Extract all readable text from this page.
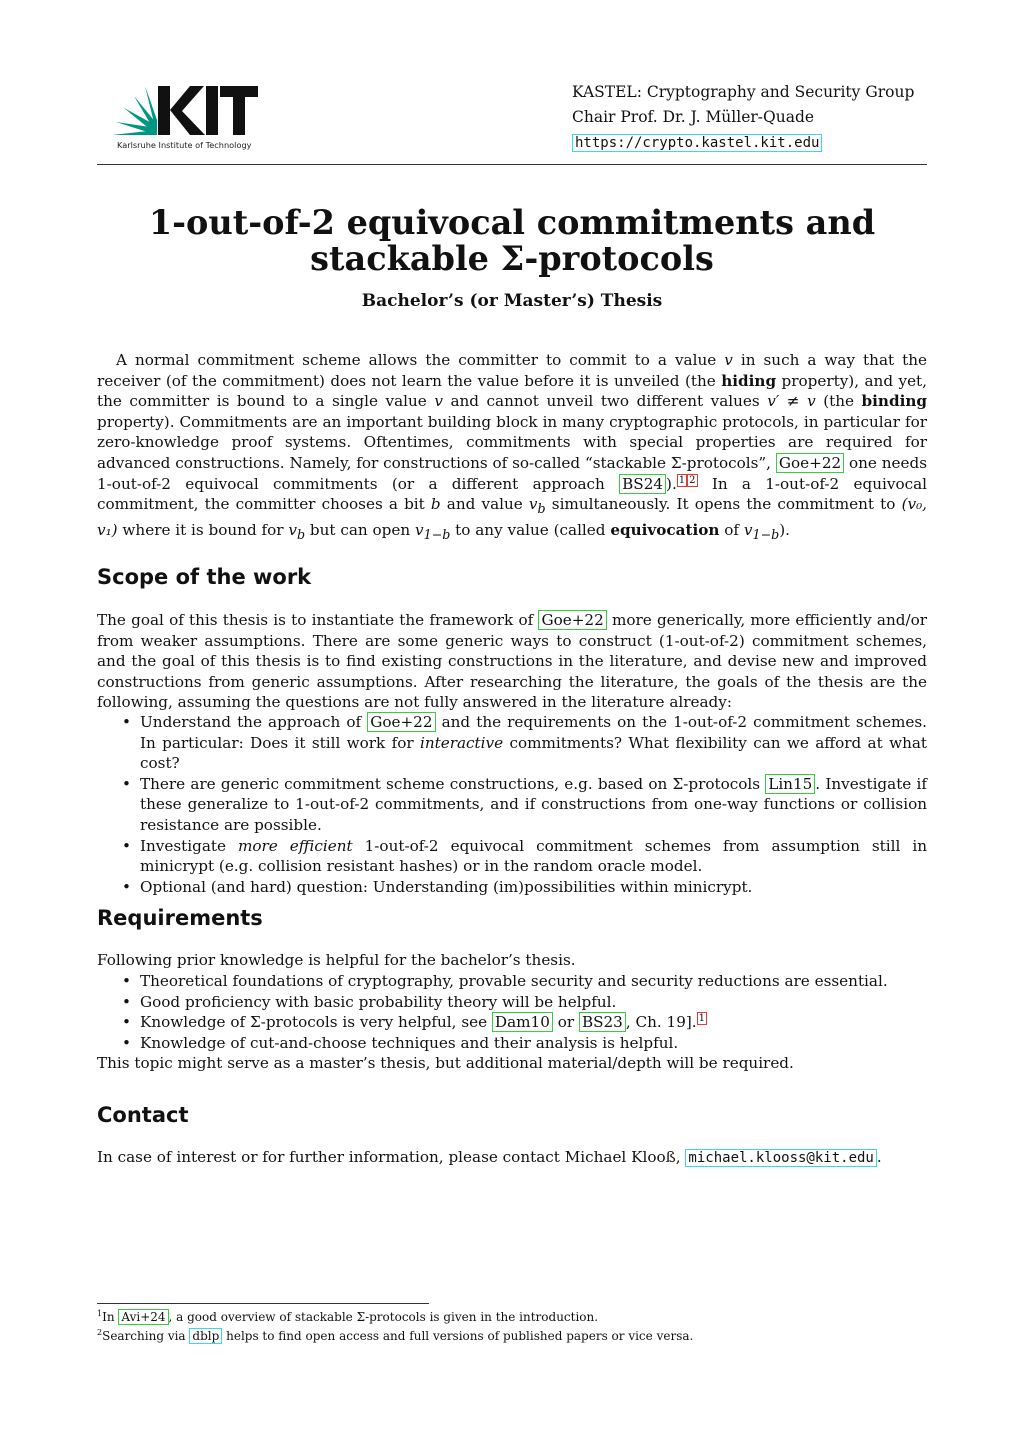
Karlsruhe Institute of Technology
KASTEL: Cryptography and Security Group
Chair Prof. Dr. J. Müller-Quade
https://crypto.kastel.kit.edu
1-out-of-2 equivocal commitments and
stackable Σ-protocols
Bachelor’s (or Master’s) Thesis
A normal commitment scheme allows the committer to commit to a value v in such a way that the receiver (of the commitment) does not learn the value before it is unveiled (the hiding property), and yet, the committer is bound to a single value v and cannot unveil two different values v′ ≠ v (the binding property). Commitments are an important building block in many cryptographic protocols, in particular for zero-knowledge proof systems. Oftentimes, commitments with special properties are required for advanced constructions. Namely, for constructions of so-called “stackable Σ-protocols”, Goe+22 one needs 1-out-of-2 equivocal commitments (or a different approach BS24 ). $^1$ $^2$ In a 1-out-of-2 equivocal commitment, the committer chooses a bit b and value $v_b$ simultaneously. It opens the commitment to (v₀, v₁) where it is bound for $v_b$ but can open $v_{1-b}$ to any value (called equivocation of $v_{1-b}$).
Scope of the work
The goal of this thesis is to instantiate the framework of Goe+22 more generically, more efficiently and/or from weaker assumptions. There are some generic ways to construct (1-out-of-2) commitment schemes, and the goal of this thesis is to find existing constructions in the literature, and devise new and improved constructions from generic assumptions. After researching the literature, the goals of the thesis are the following, assuming the questions are not fully answered in the literature already:
• Understand the approach of Goe+22 and the requirements on the 1-out-of-2 commitment schemes. In particular: Does it still work for interactive commitments? What flexibility can we afford at what cost?
• There are generic commitment scheme constructions, e.g. based on Σ-protocols Lin15 . Investigate if these generalize to 1-out-of-2 commitments, and if constructions from one-way functions or collision resistance are possible.
• Investigate more efficient 1-out-of-2 equivocal commitment schemes from assumption still in minicrypt (e.g. collision resistant hashes) or in the random oracle model.
• Optional (and hard) question: Understanding (im)possibilities within minicrypt.
Requirements
Following prior knowledge is helpful for the bachelor’s thesis.
• Theoretical foundations of cryptography, provable security and security reductions are essential.
• Good proficiency with basic probability theory will be helpful.
• Knowledge of Σ-protocols is very helpful, see Dam10 or BS23 , Ch. 19]. $^1$
• Knowledge of cut-and-choose techniques and their analysis is helpful.
This topic might serve as a master’s thesis, but additional material/depth will be required.
Contact
In case of interest or for further information, please contact Michael Klooß, michael.klooss@kit.edu .
$^1$In Avi+24 , a good overview of stackable Σ-protocols is given in the introduction.
$^2$Searching via dblp helps to find open access and full versions of published papers or vice versa.
